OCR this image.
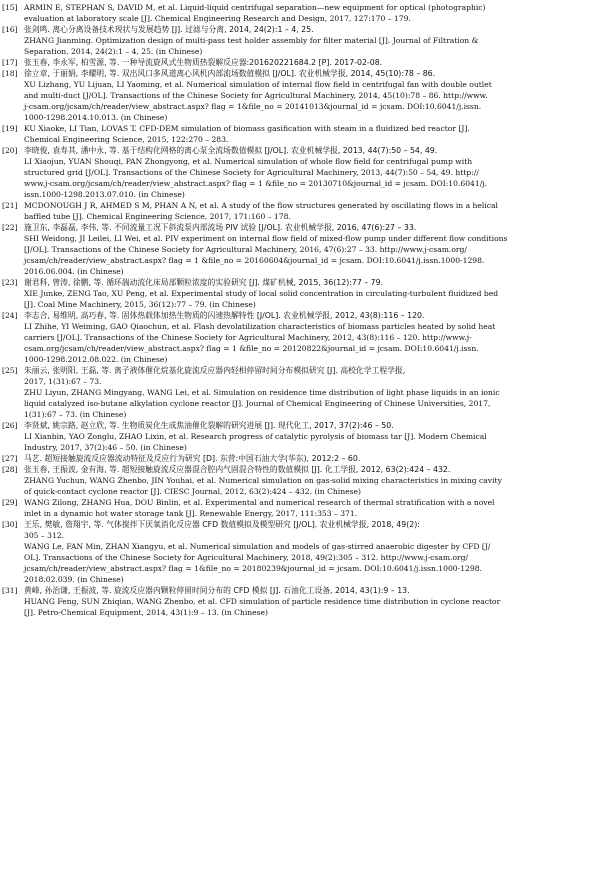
[15] ARMIN E, STEPHAN S, DAVID M, et al. Liquid-liquid centrifugal separation—new equipment for optical (photographic)
evaluation at laboratory scale [J]. Chemical Engineering Research and Design, 2017, 127:170 – 179.
[16] 张剑鸣. 离心分离设备技术现状与发展趋势 [J]. 过滤与分离, 2014, 24(2):1 – 4, 25.
ZHANG Jianming. Optimization design of multi-pass test holder assembly for filter material [J]. Journal of Filtration &
Separation, 2014, 24(2):1 – 4, 25. (in Chinese)
[17] 张玉春, 李永军, 柏雪源, 等. 一种导流旋风式生物质热裂解反应器:201620221684.2 [P]. 2017-02-08.
[18] 徐立章, 于丽娟, 李耀明, 等. 双出风口多风道离心风机内部流场数值模拟 [J/OL]. 农业机械学报, 2014, 45(10):78 – 86.
XU Lizhang, YU Lijuan, LI Yaoming, et al. Numerical simulation of internal flow field in centrifugal fan with double outlet
and multi-duct [J/OL]. Transactions of the Chinese Society for Agricultural Machinery, 2014, 45(10):78 – 86. http://www.
j-csam.org/jcsam/ch/reader/view_abstract.aspx? flag = 1&file_no = 20141013&journal_id = jcsam. DOI:10.6041/j.issn.
1000-1298.2014.10.013. (in Chinese)
[19] KU Xiaoke, LI Tian, LOVAS T. CFD-DEM simulation of biomass gasification with steam in a fluidized bed reactor [J].
Chemical Engineering Science, 2015, 122:270 – 283.
[20] 李晓俊, 袁寿其, 潘中永, 等. 基于结构化网格的离心泵全流场数值模拟 [J/OL]. 农业机械学报, 2013, 44(7):50 – 54, 49.
LI Xiaojun, YUAN Shouqi, PAN Zhongyong, et al. Numerical simulation of whole flow field for centrifugal pump with
structured grid [J/OL]. Transactions of the Chinese Society for Agricultural Machinery, 2013, 44(7):50 – 54, 49. http://
www.j-csam.org/jcsam/ch/reader/view_abstract.aspx? flag = 1 &file_no = 20130710&journal_id = jcsam. DOI:10.6041/j.
issn.1000-1298.2013.07.010. (in Chinese)
[21] MCDONOUGH J R, AHMED S M, PHAN A N, et al. A study of the flow structures generated by oscillating flows in a helical
baffled tube [J]. Chemical Engineering Science, 2017, 171:160 – 178.
[22] 施卫东, 李磊磊, 李伟, 等. 不同流量工况下斜流泵内部流场 PIV 试验 [J/OL]. 农业机械学报, 2016, 47(6):27 – 33.
SHI Weidong, JI Leilei, LI Wei, et al. PIV experiment on internal flow field of mixed-flow pump under different flow conditions
[J/OL]. Transactions of the Chinese Society for Agricultural Machinery, 2016, 47(6):27 – 33. http://www.j-csam.org/
jcsam/ch/reader/view_abstract.aspx? flag = 1 &file_no = 20160604&journal_id = jcsam. DOI:10.6041/j.issn.1000-1298.
2016.06.004. (in Chinese)
[23] 谢君科, 曾涛, 徐鹏, 等. 循环湍动流化床局部颗粒浓度的实验研究 [J]. 煤矿机械, 2015, 36(12):77 – 79.
XIE Junke, ZENG Tao, XU Peng, et al. Experimental study of local solid concentration in circulating-turbulent fluidized bed
[J]. Coal Mine Machinery, 2015, 36(12):77 – 79. (in Chinese)
[24] 李志合, 易维明, 高巧春, 等. 固体热载体加热生物质的闪速热解特性 [J/OL]. 农业机械学报, 2012, 43(8):116 – 120.
LI Zhihe, YI Weiming, GAO Qiaochun, et al. Flash devolatilization characteristics of biomass particles heated by solid heat
carriers [J/OL]. Transactions of the Chinese Society for Agricultural Machinery, 2012, 43(8):116 – 120. http://www.j-
csam.org/jcsam/ch/reader/view_abstract.aspx? flag = 1 &file_no = 20120822&journal_id = jcsam. DOI:10.6041/j.issn.
1000-1298.2012.08.022. (in Chinese)
[25] 朱丽云, 张明阳, 王磊, 等. 离子液体催化烷基化旋流反应器内轻相停留时间分布模拟研究 [J]. 高校化学工程学报,
2017, 1(31):67 – 73.
ZHU Liyun, ZHANG Mingyang, WANG Lei, et al. Simulation on residence time distribution of light phase liquids in an ionic
liquid catalyzed iso-butane alkylation cyclone reactor [J]. Journal of Chemical Engineering of Chinese Universities, 2017,
1(31):67 – 73. (in Chinese)
[26] 李贤斌, 姚宗路, 赵立欣, 等. 生物质炭化生成焦油催化裂解的研究进展 [J]. 现代化工, 2017, 37(2):46 – 50.
LI Xianbin, YAO Zonglu, ZHAO Lixin, et al. Research progress of catalytic pyrolysis of biomass tar [J]. Modern Chemical
Industry, 2017, 37(2):46 – 50. (in Chinese)
[27] 马艺. 超短接触旋流反应器流动特征及反应行为研究 [D]. 东营:中国石油大学(华东), 2012:2 – 60.
[28] 张玉春, 王振波, 金有海, 等. 超短接触旋流反应器混合腔内气固混合特性的数值模拟 [J]. 化工学报, 2012, 63(2):424 – 432.
ZHANG Yuchun, WANG Zhenbo, JIN Youhai, et al. Numerical simulation on gas-solid mixing characteristics in mixing cavity
of quick-contact cyclone reactor [J]. CIESC Journal, 2012, 63(2):424 – 432. (in Chinese)
[29] WANG Zilong, ZHANG Hua, DOU Binlin, et al. Experimental and numerical research of thermal stratification with a novel
inlet in a dynamic hot water storage tank [J]. Renewable Energy, 2017, 111:353 – 371.
[30] 王乐, 樊敏, 詹翔宇, 等. 气体搅拌下厌氧消化反应器 CFD 数值模拟及模型研究 [J/OL]. 农业机械学报, 2018, 49(2):
305 – 312.
WANG Le, FAN Min, ZHAN Xiangyu, et al. Numerical simulation and models of gas-stirred anaerobic digester by CFD [J/
OL]. Transactions of the Chinese Society for Agricultural Machinery, 2018, 49(2):305 – 312. http://www.j-csam.org/
jcsam/ch/reader/view_abstract.aspx? flag = 1&file_no = 20180239&journal_id = jcsam. DOI:10.6041/j.issn.1000-1298.
2018.02.039. (in Chinese)
[31] 黄峰, 孙治谦, 王振波, 等. 旋流反应器内颗粒停留时间分布的 CFD 模拟 [J]. 石油化工设备, 2014, 43(1):9 – 13.
HUANG Feng, SUN Zhiqian, WANG Zhenbo, et al. CFD simulation of particle residence time distribution in cyclone reactor
[J]. Petro-Chemical Equipment, 2014, 43(1):9 – 13. (in Chinese)
